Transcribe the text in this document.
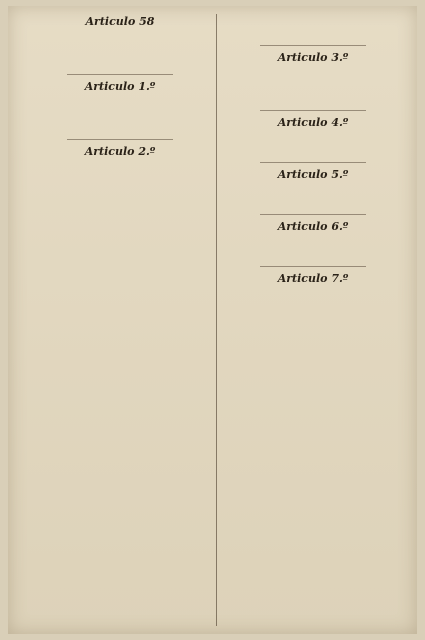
Articulo 58
Articulo 1.º
Articulo 2.º
Articulo 3.º
Articulo 4.º
Articulo 5.º
Articulo 6.º
Articulo 7.º
